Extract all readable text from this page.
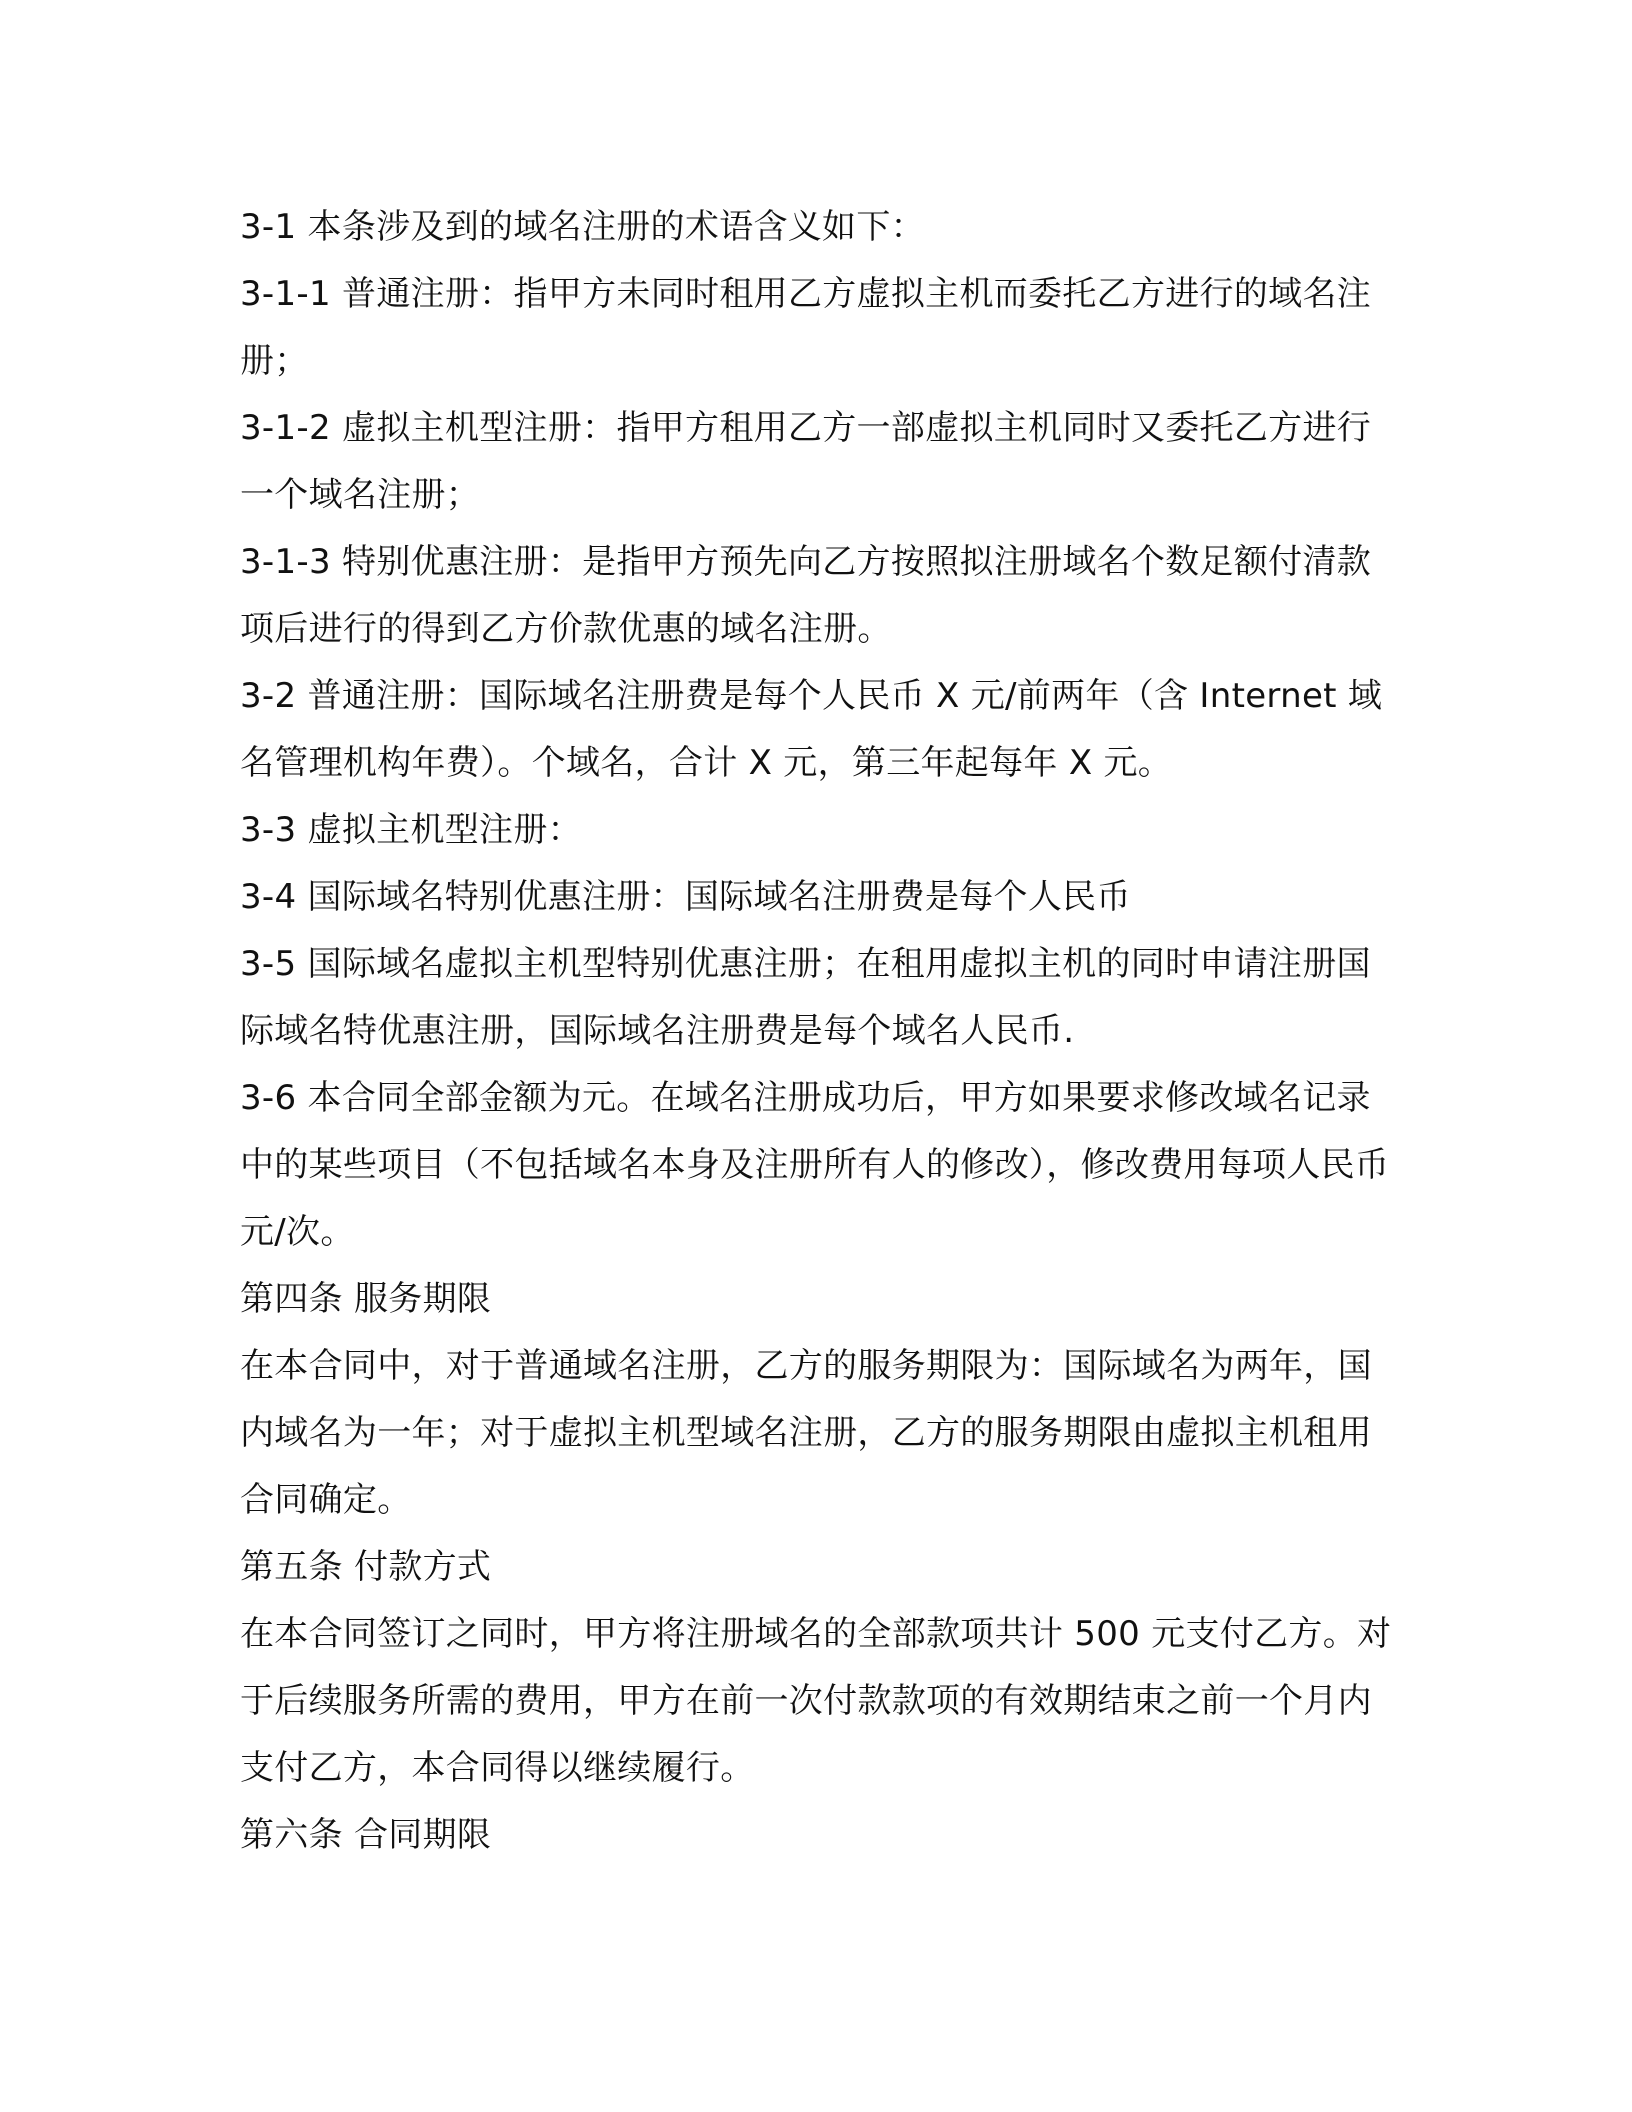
3-1 本条涉及到的域名注册的术语含义如下：

3-1-1 普通注册：指甲方未同时租用乙方虚拟主机而委托乙方进行的域名注册；

3-1-2 虚拟主机型注册：指甲方租用乙方一部虚拟主机同时又委托乙方进行一个域名注册；

3-1-3 特别优惠注册：是指甲方预先向乙方按照拟注册域名个数足额付清款项后进行的得到乙方价款优惠的域名注册。

3-2 普通注册：国际域名注册费是每个人民币 X 元/前两年（含 Internet 域名管理机构年费）。个域名，合计 X 元，第三年起每年 X 元。

3-3 虚拟主机型注册：

3-4 国际域名特别优惠注册：国际域名注册费是每个人民币

3-5 国际域名虚拟主机型特别优惠注册；在租用虚拟主机的同时申请注册国际域名特优惠注册，国际域名注册费是每个域名人民币.

3-6 本合同全部金额为元。在域名注册成功后，甲方如果要求修改域名记录中的某些项目（不包括域名本身及注册所有人的修改），修改费用每项人民币元/次。

第四条 服务期限

在本合同中，对于普通域名注册，乙方的服务期限为：国际域名为两年，国内域名为一年；对于虚拟主机型域名注册，乙方的服务期限由虚拟主机租用合同确定。

第五条 付款方式

在本合同签订之同时，甲方将注册域名的全部款项共计 500 元支付乙方。对于后续服务所需的费用，甲方在前一次付款款项的有效期结束之前一个月内支付乙方，本合同得以继续履行。

第六条 合同期限
